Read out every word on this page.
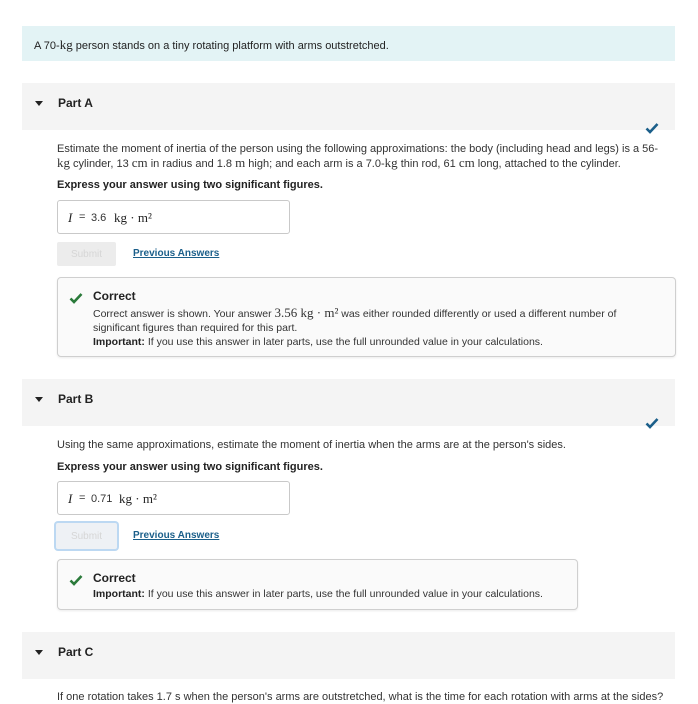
A 70-kg person stands on a tiny rotating platform with arms outstretched.
Part A
Estimate the moment of inertia of the person using the following approximations: the body (including head and legs) is a 56-kg cylinder, 13 cm in radius and 1.8 m high; and each arm is a 7.0-kg thin rod, 61 cm long, attached to the cylinder.
Express your answer using two significant figures.
I = 3.6 kg · m²
Submit	Previous Answers
Correct
Correct answer is shown. Your answer 3.56 kg · m² was either rounded differently or used a different number of
significant figures than required for this part.
Important: If you use this answer in later parts, use the full unrounded value in your calculations.
Part B
Using the same approximations, estimate the moment of inertia when the arms are at the person's sides.
Express your answer using two significant figures.
I = 0.71 kg · m²
Submit	Previous Answers
Correct
Important: If you use this answer in later parts, use the full unrounded value in your calculations.
Part C
If one rotation takes 1.7 s when the person's arms are outstretched, what is the time for each rotation with arms at the sides?
